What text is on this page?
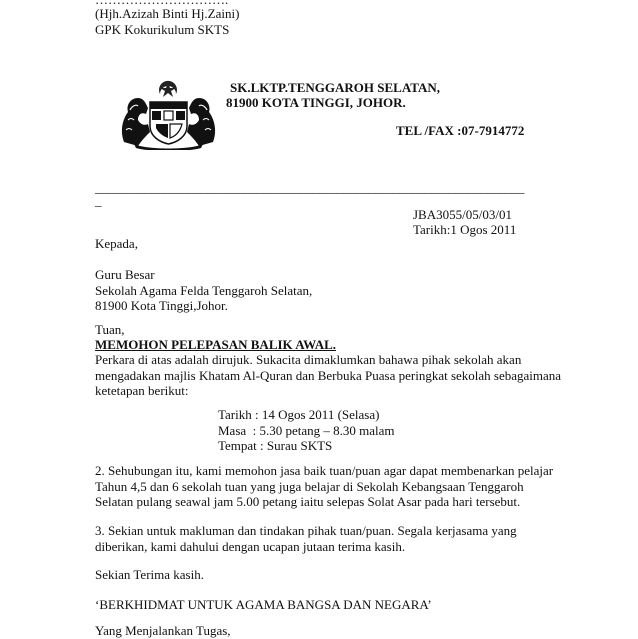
(Hjh.Azizah Binti Hj.Zaini)
GPK Kokurikulum SKTS
SK.LKTP.TENGGAROH SELATAN,
81900 KOTA TINGGI, JOHOR.
TEL /FAX :07-7914772
_____________________________________________________________________
_
JBA3055/05/03/01
Tarikh:1 Ogos 2011
Kepada,
Guru Besar
Sekolah Agama Felda Tenggaroh Selatan,
81900 Kota Tinggi,Johor.
Tuan,
MEMOHON PELEPASAN BALIK AWAL.
Perkara di atas adalah dirujuk. Sukacita dimaklumkan bahawa pihak sekolah akan
mengadakan majlis Khatam Al-Quran dan Berbuka Puasa peringkat sekolah sebagaimana
ketetapan berikut:
Tarikh : 14 Ogos 2011 (Selasa)
Masa  : 5.30 petang – 8.30 malam
Tempat : Surau SKTS
2. Sehubungan itu, kami memohon jasa baik tuan/puan agar dapat membenarkan pelajar
Tahun 4,5 dan 6 sekolah tuan yang juga belajar di Sekolah Kebangsaan Tenggaroh
Selatan pulang seawal jam 5.00 petang iaitu selepas Solat Asar pada hari tersebut.
3. Sekian untuk makluman dan tindakan pihak tuan/puan. Segala kerjasama yang
diberikan, kami dahului dengan ucapan jutaan terima kasih.
Sekian Terima kasih.
‘BERKHIDMAT UNTUK AGAMA BANGSA DAN NEGARA’
Yang Menjalankan Tugas,
